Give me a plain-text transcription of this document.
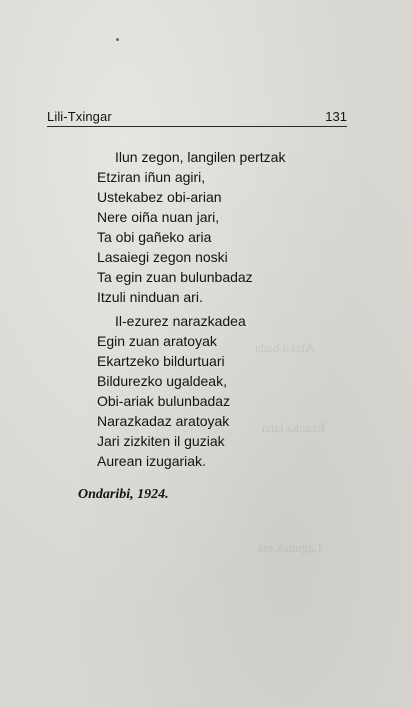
Aizko bada
Ezanka lana
Lagunak eta
Lili-Txingar	131
Ilun zegon, langilen pertzak
Etziran iñun agiri,
Ustekabez obi-arian
Nere oiña nuan jari,
Ta obi gañeko aria
Lasaiegi zegon noski
Ta egin zuan bulunbadaz
Itzuli ninduan ari.
Il-ezurez narazkadea
Egin zuan aratoyak
Ekartzeko bildurtuari
Bildurezko ugaldeak,
Obi-ariak bulunbadaz
Narazkadaz aratoyak
Jari zizkiten il guziak
Aurean izugariak.
Ondaribi, 1924.
